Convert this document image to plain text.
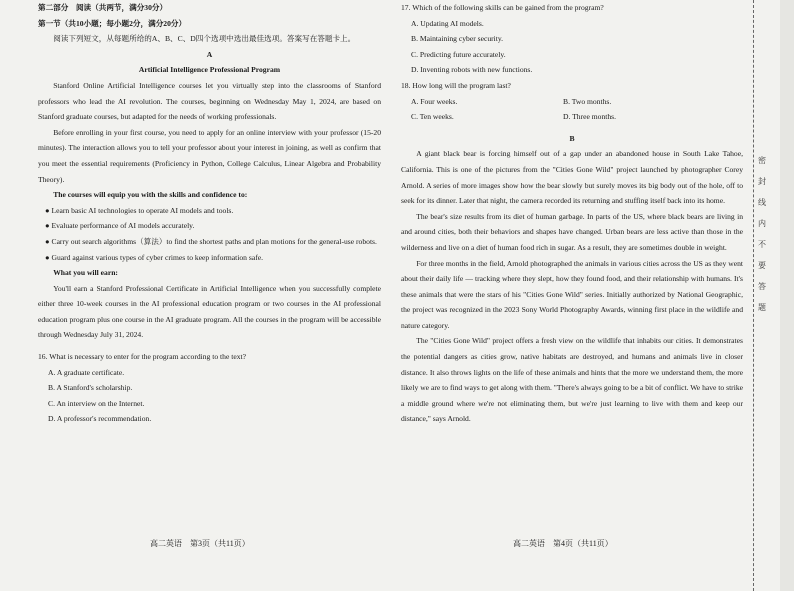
第二部分　阅读（共两节，满分30分）

第一节（共10小题；每小题2分，满分20分）

阅读下列短文，从每题所给的A、B、C、D四个选项中选出最佳选项。答案写在答题卡上。

A

Artificial Intelligence Professional Program

Stanford Online Artificial Intelligence courses let you virtually step into the classrooms of Stanford professors who lead the AI revolution. The courses, beginning on Wednesday May 1, 2024, are based on Stanford graduate courses, but adapted for the needs of working professionals.

Before enrolling in your first course, you need to apply for an online interview with your professor (15-20 minutes). The interaction allows you to tell your professor about your interest in joining, as well as confirm that you meet the essential requirements (Proficiency in Python, College Calculus, Linear Algebra and Probability Theory).

The courses will equip you with the skills and confidence to:

● Learn basic AI technologies to operate AI models and tools.

● Evaluate performance of AI models accurately.

● Carry out search algorithms（算法）to find the shortest paths and plan motions for the general-use robots.

● Guard against various types of cyber crimes to keep information safe.

What you will earn:

You'll earn a Stanford Professional Certificate in Artificial Intelligence when you successfully complete either three 10-week courses in the AI professional education program or two courses in the AI professional education program plus one course in the AI graduate program. All the courses in the program will be accessible through Wednesday July 31, 2024.

16. What is necessary to enter for the program according to the text?

A. A graduate certificate.

B. A Stanford's scholarship.

C. An interview on the Internet.

D. A professor's recommendation.

高二英语　第3页（共11页）

17. Which of the following skills can be gained from the program?

A. Updating AI models.

B. Maintaining cyber security.

C. Predicting future accurately.

D. Inventing robots with new functions.

18. How long will the program last?

A. Four weeks.	B. Two months.
C. Ten weeks.	D. Three months.

B

A giant black bear is forcing himself out of a gap under an abandoned house in South Lake Tahoe, California. This is one of the pictures from the "Cities Gone Wild" project launched by photographer Corey Arnold. A series of more images show how the bear slowly but surely moves its big body out of the hole, off to seek for its dinner. Later that night, the camera recorded its returning and stuffing itself back into its home.

The bear's size results from its diet of human garbage. In parts of the US, where black bears are living in and around cities, both their behaviors and shapes have changed. Urban bears are less active than those in the wilderness and live on a diet of human food rich in sugar. As a result, they are sometimes double in weight.

For three months in the field, Arnold photographed the animals in various cities across the US as they went about their daily life — tracking where they slept, how they found food, and their relationship with humans. It's these animals that were the stars of his "Cities Gone Wild" series. Initially authorized by National Geographic, the project was recognized in the 2023 Sony World Photography Awards, winning first place in the wildlife and nature category.

The "Cities Gone Wild" project offers a fresh view on the wildlife that inhabits our cities. It demonstrates the potential dangers as cities grow, native habitats are destroyed, and humans and animals live in closer distance. It also throws lights on the life of these animals and hints that the more we understand them, the more likely we are to find ways to get along with them. "There's always going to be a bit of conflict. We have to strike a middle ground where we're not eliminating them, but we're just learning to live with them and keep our distance," says Arnold.

高二英语　第4页（共11页）
密封线内不要答题
